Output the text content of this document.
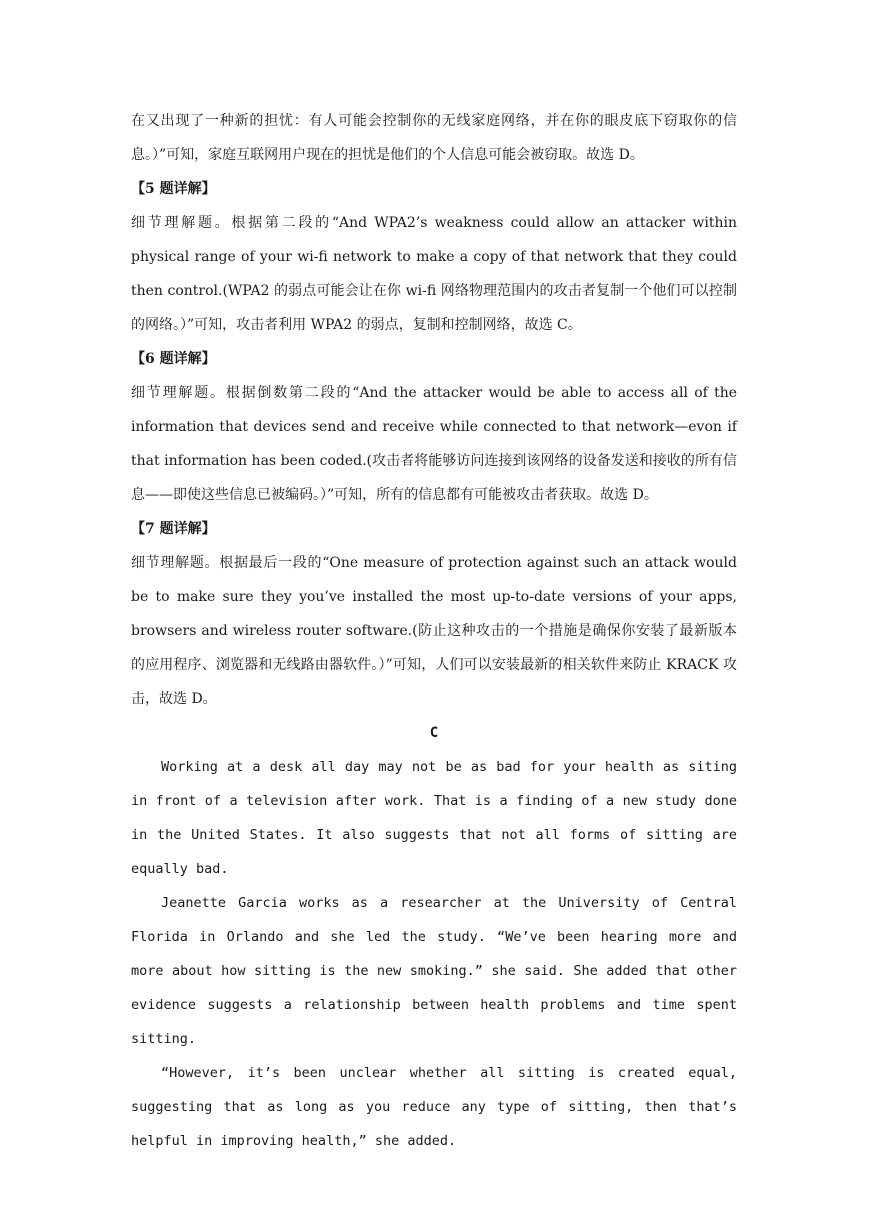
在又出现了一种新的担忧：有人可能会控制你的无线家庭网络，并在你的眼皮底下窃取你的信息。）”可知，家庭互联网用户现在的担忧是他们的个人信息可能会被窃取。故选 D。

【5 题详解】

细节理解题。根据第二段的“And WPA2’s weakness could allow an attacker within physical range of your wi-fi network to make a copy of that network that they could then control.(WPA2 的弱点可能会让在你 wi-fi 网络物理范围内的攻击者复制一个他们可以控制的网络。）”可知，攻击者利用 WPA2 的弱点，复制和控制网络，故选 C。

【6 题详解】

细节理解题。根据倒数第二段的“And the attacker would be able to access all of the information that devices send and receive while connected to that network—evon if that information has been coded.(攻击者将能够访问连接到该网络的设备发送和接收的所有信息——即使这些信息已被编码。）”可知，所有的信息都有可能被攻击者获取。故选 D。

【7 题详解】

细节理解题。根据最后一段的“One measure of protection against such an attack would be to make sure they you’ve installed the most up-to-date versions of your apps, browsers and wireless router software.(防止这种攻击的一个措施是确保你安装了最新版本的应用程序、浏览器和无线路由器软件。）”可知，人们可以安装最新的相关软件来防止 KRACK 攻击，故选 D。

C

Working at a desk all day may not be as bad for your health as siting in front of a television after work. That is a finding of a new study done in the United States. It also suggests that not all forms of sitting are equally bad.

Jeanette Garcia works as a researcher at the University of Central Florida in Orlando and she led the study. “We’ve been hearing more and more about how sitting is the new smoking.” she said. She added that other evidence suggests a relationship between health problems and time spent sitting.

“However, it’s been unclear whether all sitting is created equal, suggesting that as long as you reduce any type of sitting, then that’s helpful in improving health,” she added.
